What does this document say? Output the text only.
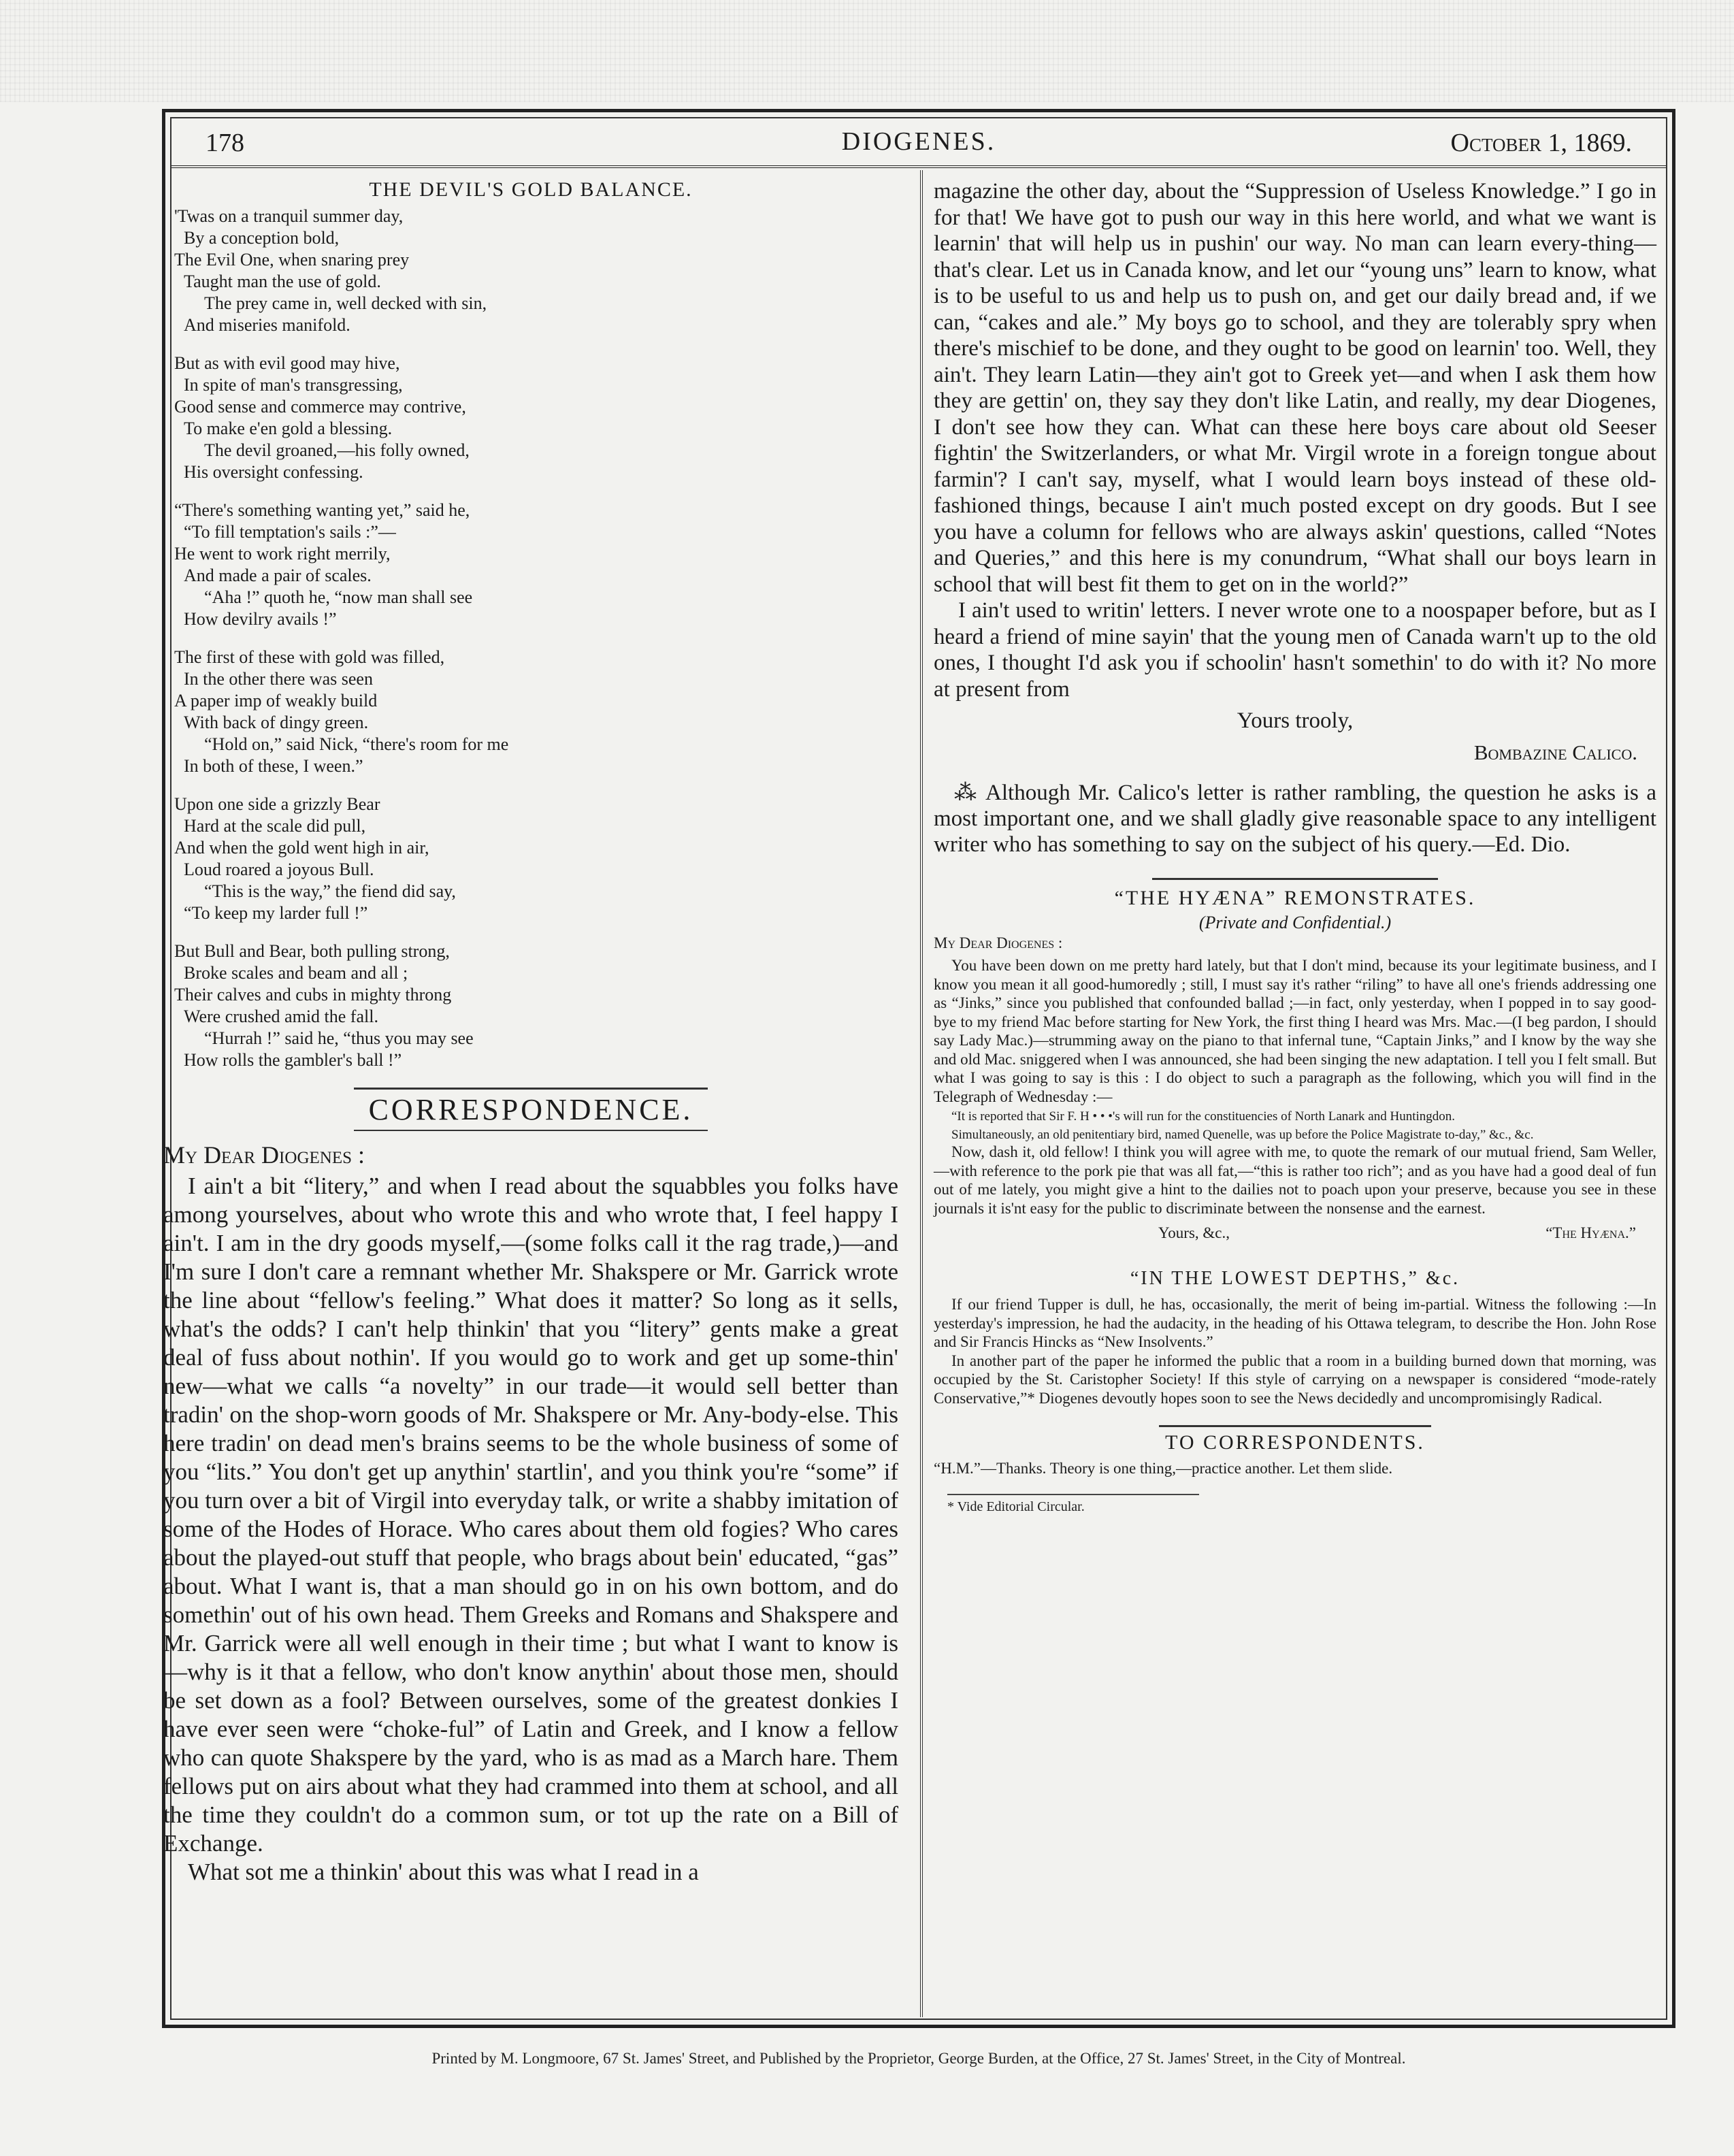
178	DIOGENES.	October 1, 1869.
THE DEVIL'S GOLD BALANCE.
'Twas on a tranquil summer day,
By a conception bold,
The Evil One, when snaring prey
Taught man the use of gold.
The prey came in, well decked with sin,
And miseries manifold.
But as with evil good may hive,
In spite of man's transgressing,
Good sense and commerce may contrive,
To make e'en gold a blessing.
The devil groaned,—his folly owned,
His oversight confessing.
“There's something wanting yet,” said he,
“To fill temptation's sails :”—
He went to work right merrily,
And made a pair of scales.
“Aha !” quoth he, “now man shall see
How devilry avails !”
The first of these with gold was filled,
In the other there was seen
A paper imp of weakly build
With back of dingy green.
“Hold on,” said Nick, “there's room for me
In both of these, I ween.”
Upon one side a grizzly Bear
Hard at the scale did pull,
And when the gold went high in air,
Loud roared a joyous Bull.
“This is the way,” the fiend did say,
“To keep my larder full !”
But Bull and Bear, both pulling strong,
Broke scales and beam and all ;
Their calves and cubs in mighty throng
Were crushed amid the fall.
“Hurrah !” said he, “thus you may see
How rolls the gambler's ball !”
CORRESPONDENCE.

My Dear Diogenes :

I ain't a bit “litery,” and when I read about the squabbles you folks have among yourselves, about who wrote this and who wrote that, I feel happy I ain't. I am in the dry goods myself,—(some folks call it the rag trade,)—and I'm sure I don't care a remnant whether Mr. Shakspere or Mr. Garrick wrote the line about “fellow's feeling.” What does it matter? So long as it sells, what's the odds? I can't help thinkin' that you “litery” gents make a great deal of fuss about nothin'. If you would go to work and get up some-thin' new—what we calls “a novelty” in our trade—it would sell better than tradin' on the shop-worn goods of Mr. Shakspere or Mr. Any-body-else. This here tradin' on dead men's brains seems to be the whole business of some of you “lits.” You don't get up anythin' startlin', and you think you're “some” if you turn over a bit of Virgil into everyday talk, or write a shabby imitation of some of the Hodes of Horace. Who cares about them old fogies? Who cares about the played-out stuff that people, who brags about bein' educated, “gas” about. What I want is, that a man should go in on his own bottom, and do somethin' out of his own head. Them Greeks and Romans and Shakspere and Mr. Garrick were all well enough in their time ; but what I want to know is—why is it that a fellow, who don't know anythin' about those men, should be set down as a fool? Between ourselves, some of the greatest donkies I have ever seen were “choke-ful” of Latin and Greek, and I know a fellow who can quote Shakspere by the yard, who is as mad as a March hare. Them fellows put on airs about what they had crammed into them at school, and all the time they couldn't do a common sum, or tot up the rate on a Bill of Exchange.

What sot me a thinkin' about this was what I read in a

magazine the other day, about the “Suppression of Useless Knowledge.” I go in for that! We have got to push our way in this here world, and what we want is learnin' that will help us in pushin' our way. No man can learn every-thing—that's clear. Let us in Canada know, and let our “young uns” learn to know, what is to be useful to us and help us to push on, and get our daily bread and, if we can, “cakes and ale.” My boys go to school, and they are tolerably spry when there's mischief to be done, and they ought to be good on learnin' too. Well, they ain't. They learn Latin—they ain't got to Greek yet—and when I ask them how they are gettin' on, they say they don't like Latin, and really, my dear Diogenes, I don't see how they can. What can these here boys care about old Seeser fightin' the Switzerlanders, or what Mr. Virgil wrote in a foreign tongue about farmin'? I can't say, myself, what I would learn boys instead of these old-fashioned things, because I ain't much posted except on dry goods. But I see you have a column for fellows who are always askin' questions, called “Notes and Queries,” and this here is my conundrum, “What shall our boys learn in school that will best fit them to get on in the world?”

I ain't used to writin' letters. I never wrote one to a noospaper before, but as I heard a friend of mine sayin' that the young men of Canada warn't up to the old ones, I thought I'd ask you if schoolin' hasn't somethin' to do with it? No more at present from

Yours trooly,

Bombazine Calico.

⁂ Although Mr. Calico's letter is rather rambling, the question he asks is a most important one, and we shall gladly give reasonable space to any intelligent writer who has something to say on the subject of his query.—Ed. Dio.

“THE HYÆNA” REMONSTRATES.

(Private and Confidential.)

My Dear Diogenes :

You have been down on me pretty hard lately, but that I don't mind, because its your legitimate business, and I know you mean it all good-humoredly ; still, I must say it's rather “riling” to have all one's friends addressing one as “Jinks,” since you published that confounded ballad ;—in fact, only yesterday, when I popped in to say good-bye to my friend Mac before starting for New York, the first thing I heard was Mrs. Mac.—(I beg pardon, I should say Lady Mac.)—strumming away on the piano to that infernal tune, “Captain Jinks,” and I know by the way she and old Mac. sniggered when I was announced, she had been singing the new adaptation. I tell you I felt small. But what I was going to say is this : I do object to such a paragraph as the following, which you will find in the Telegraph of Wednesday :—

“It is reported that Sir F. H • • •'s will run for the constituencies of North Lanark and Huntingdon.

Simultaneously, an old penitentiary bird, named Quenelle, was up before the Police Magistrate to-day,” &c., &c.

Now, dash it, old fellow! I think you will agree with me, to quote the remark of our mutual friend, Sam Weller,—with reference to the pork pie that was all fat,—“this is rather too rich”; and as you have had a good deal of fun out of me lately, you might give a hint to the dailies not to poach upon your preserve, because you see in these journals it is'nt easy for the public to discriminate between the nonsense and the earnest.

Yours, &c.,	“The Hyæna.”

“IN THE LOWEST DEPTHS,” &c.

If our friend Tupper is dull, he has, occasionally, the merit of being im-partial. Witness the following :—In yesterday's impression, he had the audacity, in the heading of his Ottawa telegram, to describe the Hon. John Rose and Sir Francis Hincks as “New Insolvents.”

In another part of the paper he informed the public that a room in a building burned down that morning, was occupied by the St. Caristopher Society! If this style of carrying on a newspaper is considered “mode-rately Conservative,”* Diogenes devoutly hopes soon to see the News decidedly and uncompromisingly Radical.

TO CORRESPONDENTS.

“H.M.”—Thanks. Theory is one thing,—practice another. Let them slide.

* Vide Editorial Circular.

Printed by M. Longmoore, 67 St. James' Street, and Published by the Proprietor, George Burden, at the Office, 27 St. James' Street, in the City of Montreal.
